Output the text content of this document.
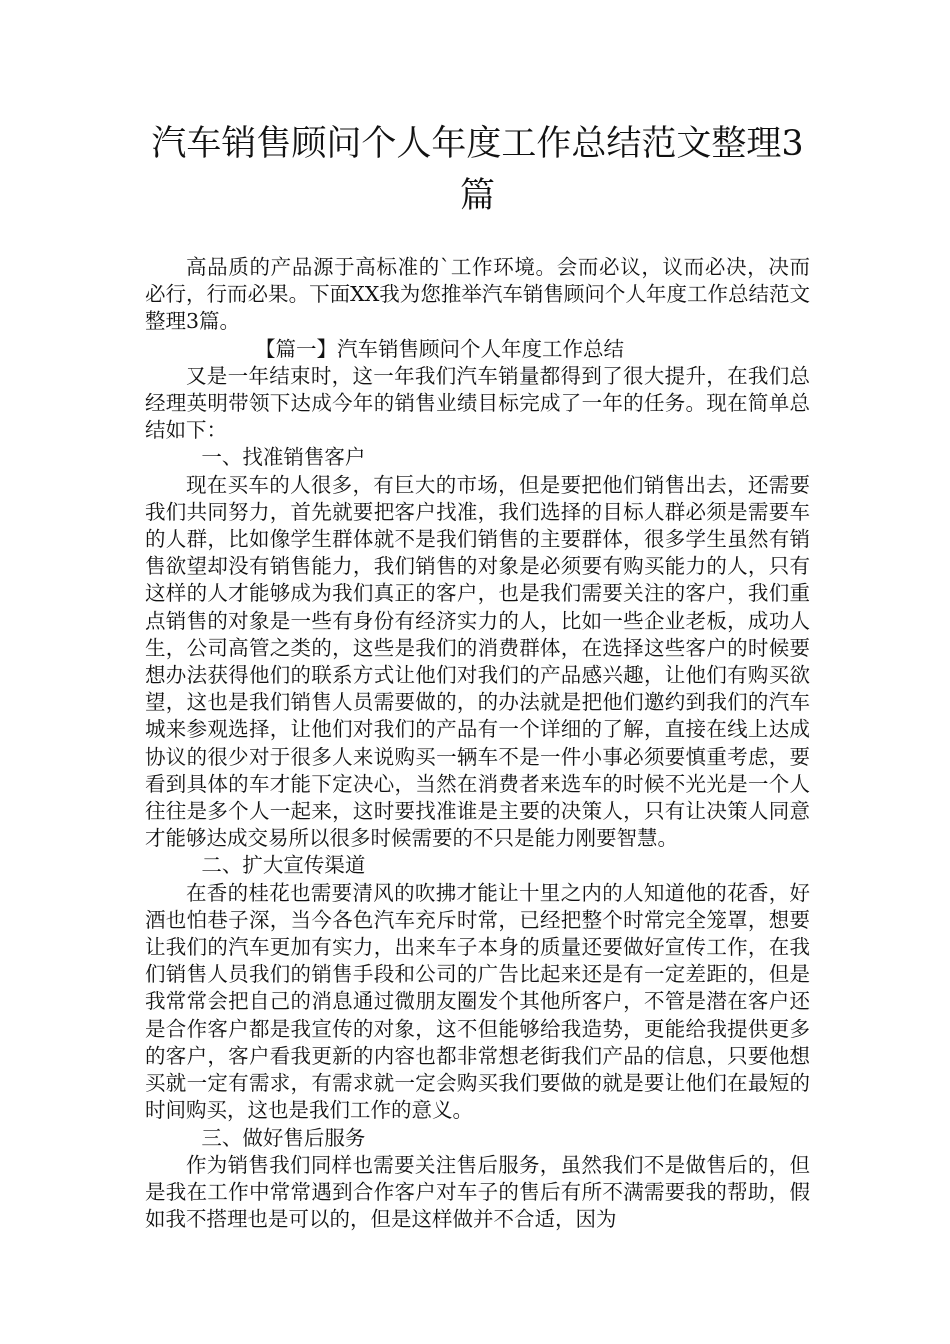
汽车销售顾问个人年度工作总结范文整理3篇

高品质的产品源于高标准的`工作环境。会而必议，议而必决，决而必行，行而必果。下面XX我为您推举汽车销售顾问个人年度工作总结范文整理3篇。

【篇一】汽车销售顾问个人年度工作总结

又是一年结束时，这一年我们汽车销量都得到了很大提升，在我们总经理英明带领下达成今年的销售业绩目标完成了一年的任务。现在简单总结如下：

一、找准销售客户

现在买车的人很多，有巨大的市场，但是要把他们销售出去，还需要我们共同努力，首先就要把客户找准，我们选择的目标人群必须是需要车的人群，比如像学生群体就不是我们销售的主要群体，很多学生虽然有销售欲望却没有销售能力，我们销售的对象是必须要有购买能力的人，只有这样的人才能够成为我们真正的客户，也是我们需要关注的客户，我们重点销售的对象是一些有身份有经济实力的人，比如一些企业老板，成功人生，公司高管之类的，这些是我们的消费群体，在选择这些客户的时候要想办法获得他们的联系方式让他们对我们的产品感兴趣，让他们有购买欲望，这也是我们销售人员需要做的，的办法就是把他们邀约到我们的汽车城来参观选择，让他们对我们的产品有一个详细的了解，直接在线上达成协议的很少对于很多人来说购买一辆车不是一件小事必须要慎重考虑，要看到具体的车才能下定决心，当然在消费者来选车的时候不光光是一个人往往是多个人一起来，这时要找准谁是主要的决策人，只有让决策人同意才能够达成交易所以很多时候需要的不只是能力刚要智慧。

二、扩大宣传渠道

在香的桂花也需要清风的吹拂才能让十里之内的人知道他的花香，好酒也怕巷子深，当今各色汽车充斥时常，已经把整个时常完全笼罩，想要让我们的汽车更加有实力，出来车子本身的质量还要做好宣传工作，在我们销售人员我们的销售手段和公司的广告比起来还是有一定差距的，但是我常常会把自己的消息通过微朋友圈发个其他所客户，不管是潜在客户还是合作客户都是我宣传的对象，这不但能够给我造势，更能给我提供更多的客户，客户看我更新的内容也都非常想老街我们产品的信息，只要他想买就一定有需求，有需求就一定会购买我们要做的就是要让他们在最短的时间购买，这也是我们工作的意义。

三、做好售后服务

作为销售我们同样也需要关注售后服务，虽然我们不是做售后的，但是我在工作中常常遇到合作客户对车子的售后有所不满需要我的帮助，假如我不搭理也是可以的，但是这样做并不合适，因为
